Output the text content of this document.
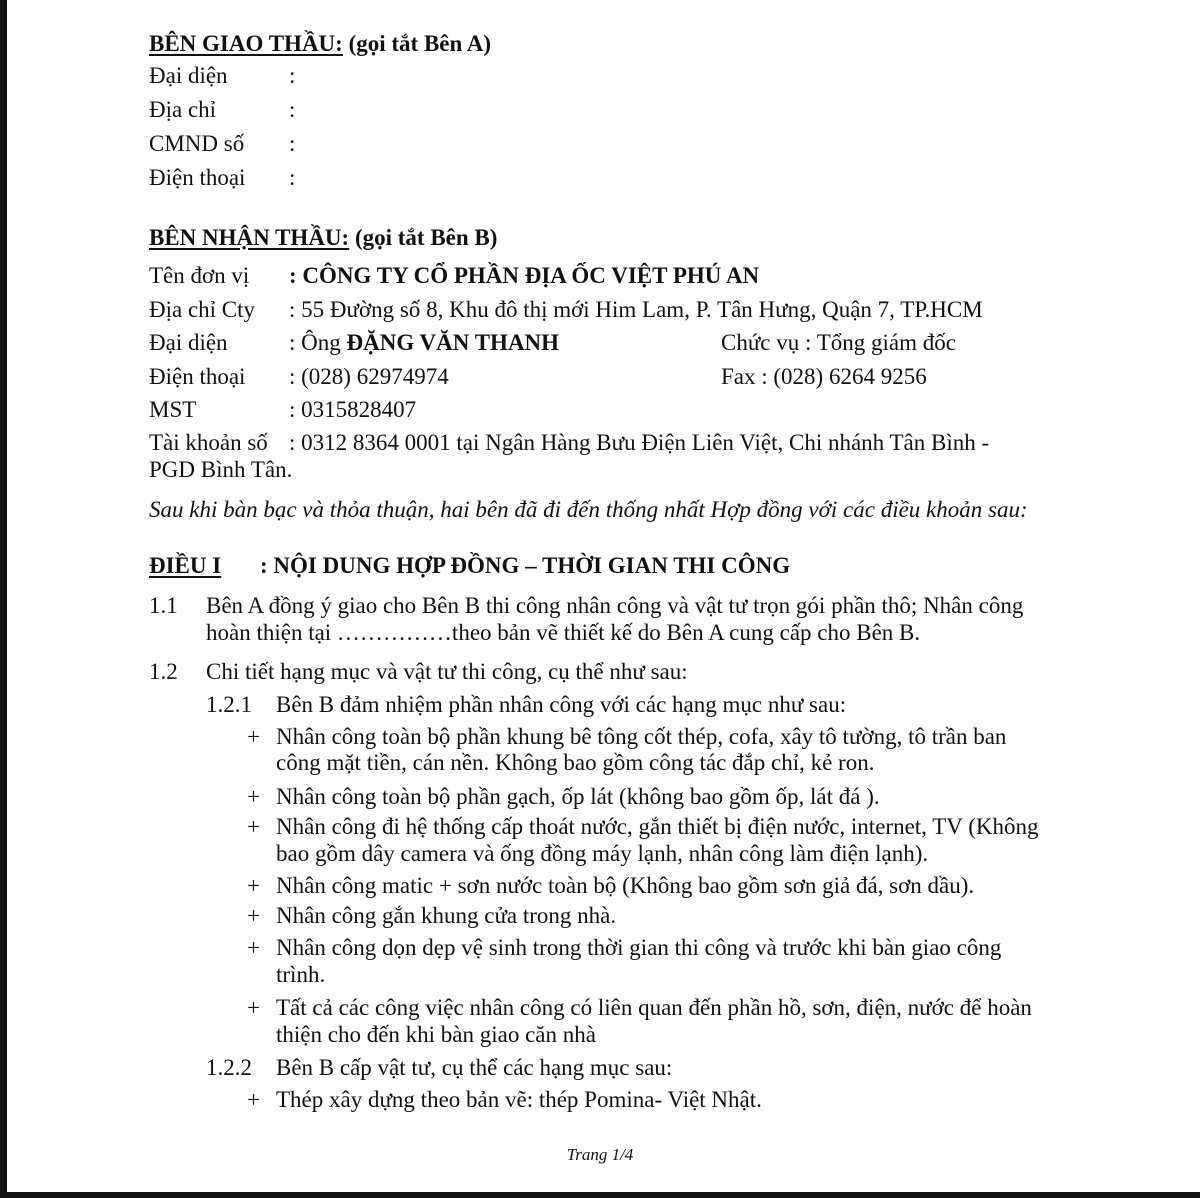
BÊN GIAO THẦU: (gọi tắt Bên A)
Đại diện	:
Địa chỉ	:
CMND số :
Điện thoại :
BÊN NHẬN THẦU: (gọi tắt Bên B)
Tên đơn vị : CÔNG TY CỔ PHẦN ĐỊA ỐC VIỆT PHÚ AN
Địa chỉ Cty : 55 Đường số 8, Khu đô thị mới Him Lam, P. Tân Hưng, Quận 7, TP.HCM
Đại diện	: Ông ĐẶNG VĂN THANH	Chức vụ : Tổng giám đốc
Điện thoại : (028) 62974974	Fax : (028) 6264 9256
MST	: 0315828407
Tài khoản số : 0312 8364 0001 tại Ngân Hàng Bưu Điện Liên Việt, Chi nhánh Tân Bình -
PGD Bình Tân.
Sau khi bàn bạc và thỏa thuận, hai bên đã đi đến thống nhất Hợp đồng với các điều khoản sau:
ĐIỀU I : NỘI DUNG HỢP ĐỒNG – THỜI GIAN THI CÔNG
1.1 Bên A đồng ý giao cho Bên B thi công nhân công và vật tư trọn gói phần thô; Nhân công
hoàn thiện tại ……………theo bản vẽ thiết kế do Bên A cung cấp cho Bên B.
1.2 Chi tiết hạng mục và vật tư thi công, cụ thể như sau:
1.2.1 Bên B đảm nhiệm phần nhân công với các hạng mục như sau:
+ Nhân công toàn bộ phần khung bê tông cốt thép, cofa, xây tô tường, tô trần ban
công mặt tiền, cán nền. Không bao gồm công tác đắp chỉ, kẻ ron.
+ Nhân công toàn bộ phần gạch, ốp lát (không bao gồm ốp, lát đá ).
+ Nhân công đi hệ thống cấp thoát nước, gắn thiết bị điện nước, internet, TV (Không
bao gồm dây camera và ống đồng máy lạnh, nhân công làm điện lạnh).
+ Nhân công matic + sơn nước toàn bộ (Không bao gồm sơn giả đá, sơn dầu).
+ Nhân công gắn khung cửa trong nhà.
+ Nhân công dọn dẹp vệ sinh trong thời gian thi công và trước khi bàn giao công
trình.
+ Tất cả các công việc nhân công có liên quan đến phần hồ, sơn, điện, nước để hoàn
thiện cho đến khi bàn giao căn nhà
1.2.2 Bên B cấp vật tư, cụ thể các hạng mục sau:
+ Thép xây dựng theo bản vẽ: thép Pomina- Việt Nhật.
Trang 1/4
